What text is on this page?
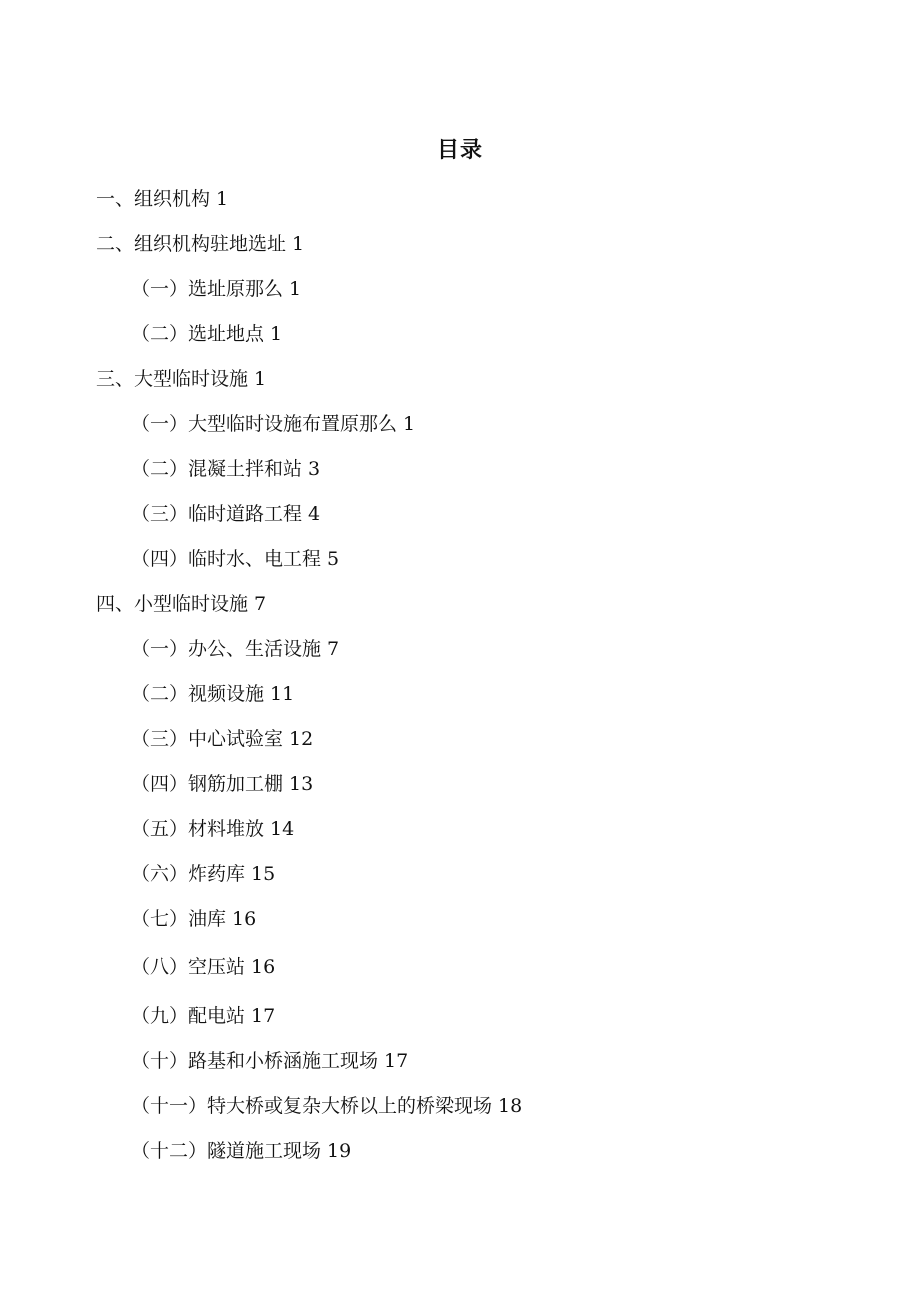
目录
一、组织机构 1
二、组织机构驻地选址 1
（一）选址原那么 1
（二）选址地点 1
三、大型临时设施 1
（一）大型临时设施布置原那么 1
（二）混凝土拌和站 3
（三）临时道路工程 4
（四）临时水、电工程 5
四、小型临时设施 7
（一）办公、生活设施 7
（二）视频设施 11
（三）中心试验室 12
（四）钢筋加工棚 13
（五）材料堆放 14
（六）炸药库 15
（七）油库 16
（八）空压站 16
（九）配电站 17
（十）路基和小桥涵施工现场 17
（十一）特大桥或复杂大桥以上的桥梁现场 18
（十二）隧道施工现场 19
